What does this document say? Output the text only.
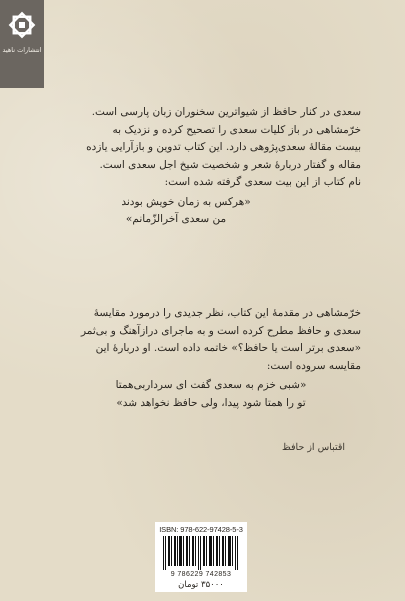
انتشارات ناهید
سعدی در کنار حافظ از شیواترین سخنوران زبان پارسی است.
خرّمشاهی در باز کلیات سعدی را تصحیح کرده و نزدیک به
بیست مقالهٔ سعدی‌پژوهی دارد. این کتاب تدوین و بازآرایی یازده
مقاله و گفتار دربارهٔ شعر و شخصیت شیخ اجل سعدی است.
نام کتاب از این بیت سعدی گرفته شده است:
«هرکس به زمان خویش بودند
من سعدی آخرالزّمانم»
خرّمشاهی در مقدمهٔ این کتاب، نظر جدیدی را درمورد مقایسهٔ
سعدی و حافظ مطرح کرده است و به ماجرای درازآهنگ و بی‌ثمر
«سعدی برتر است یا حافظ؟» خاتمه داده است. او دربارهٔ این
مقایسه سروده است:
«شبی خزم به سعدی گفت ای سرداربی‌همتا
تو را همتا شود پیدا، ولی حافظ نخواهد شد»
اقتباس از حافظ
ISBN: 978-622-97428-5-3
9 786229 742853
۳۵۰۰۰ تومان
